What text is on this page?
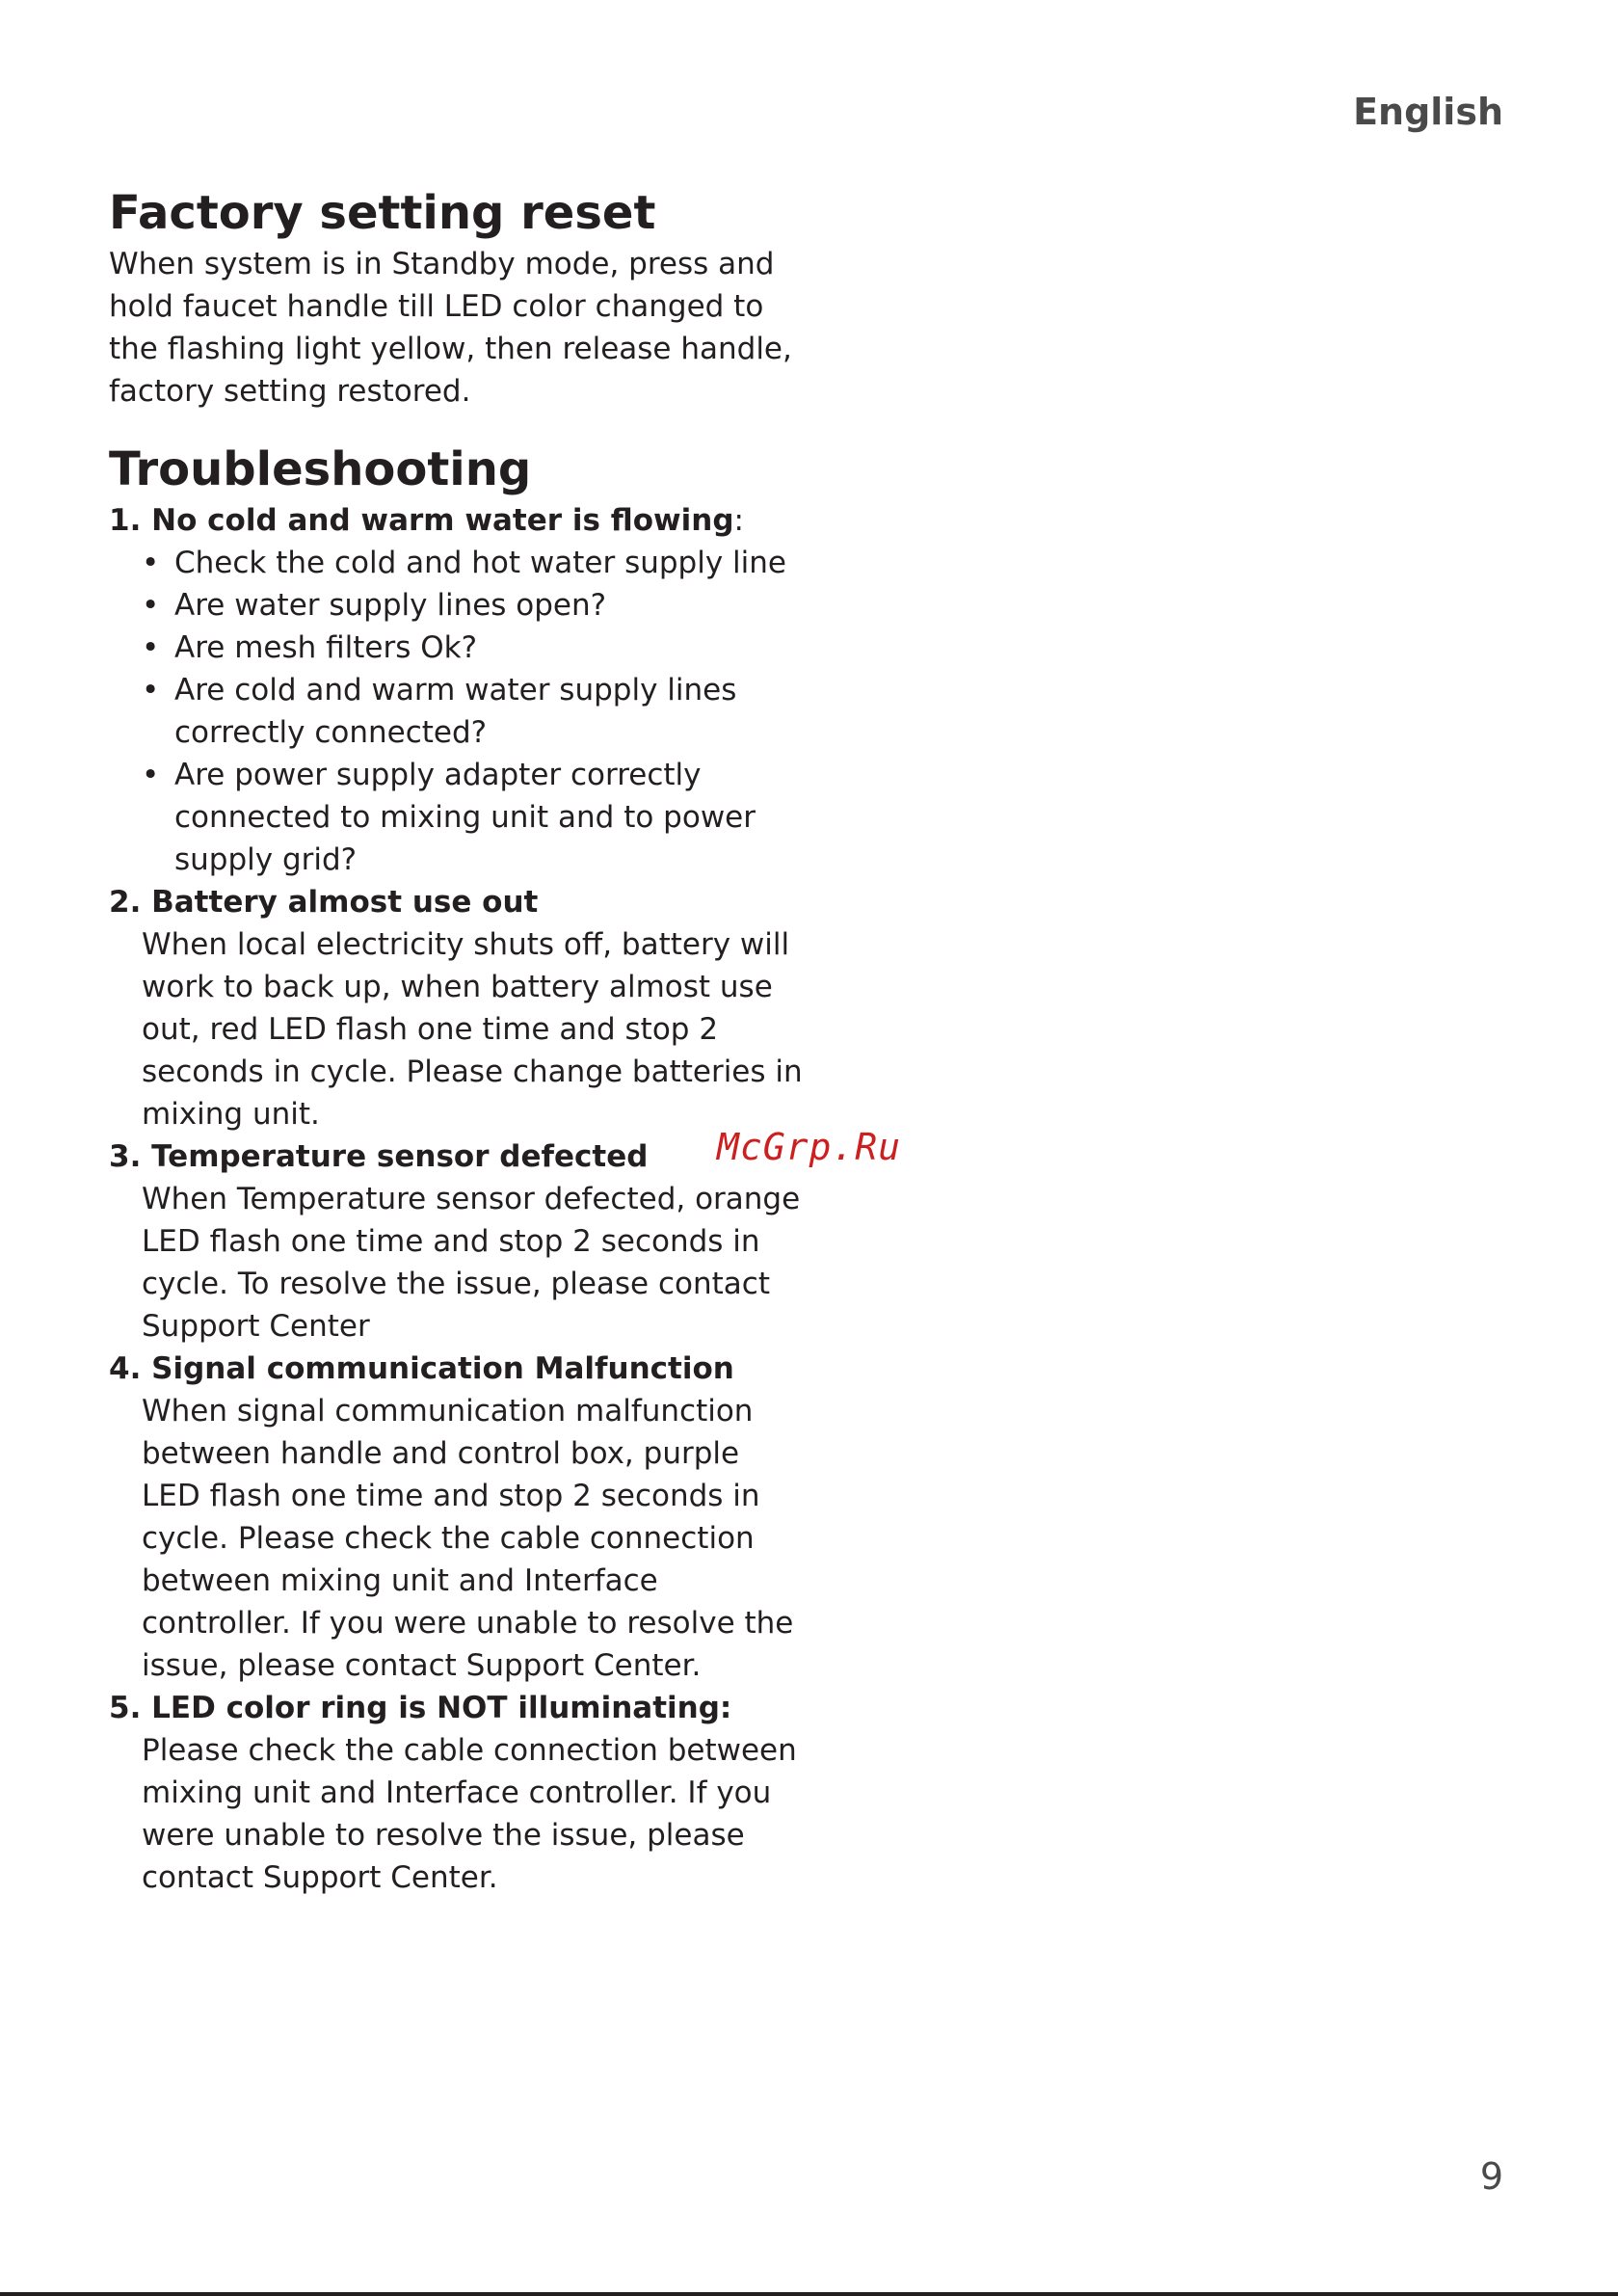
English
Factory setting reset

When system is in Standby mode, press and hold faucet handle till LED color changed to the flashing light yellow, then release handle, factory setting restored.

Troubleshooting

1. No cold and warm water is flowing:

• Check the cold and hot water supply line
• Are water supply lines open?
• Are mesh filters Ok?
• Are cold and warm water supply lines correctly connected?
• Are power supply adapter correctly connected to mixing unit and to power supply grid?

2. Battery almost use out

When local electricity shuts off, battery will work to back up, when battery almost use out, red LED flash one time and stop 2 seconds in cycle. Please change batteries in mixing unit.

3. Temperature sensor defected

When Temperature sensor defected, orange LED flash one time and stop 2 seconds in cycle. To resolve the issue, please contact Support Center

4. Signal communication Malfunction

When signal communication malfunction between handle and control box, purple LED flash one time and stop 2 seconds in cycle. Please check the cable connection between mixing unit and Interface controller. If you were unable to resolve the issue, please contact Support Center.

5. LED color ring is NOT illuminating:

Please check the cable connection between mixing unit and Interface controller. If you were unable to resolve the issue, please contact Support Center.

McGrp.Ru
9
